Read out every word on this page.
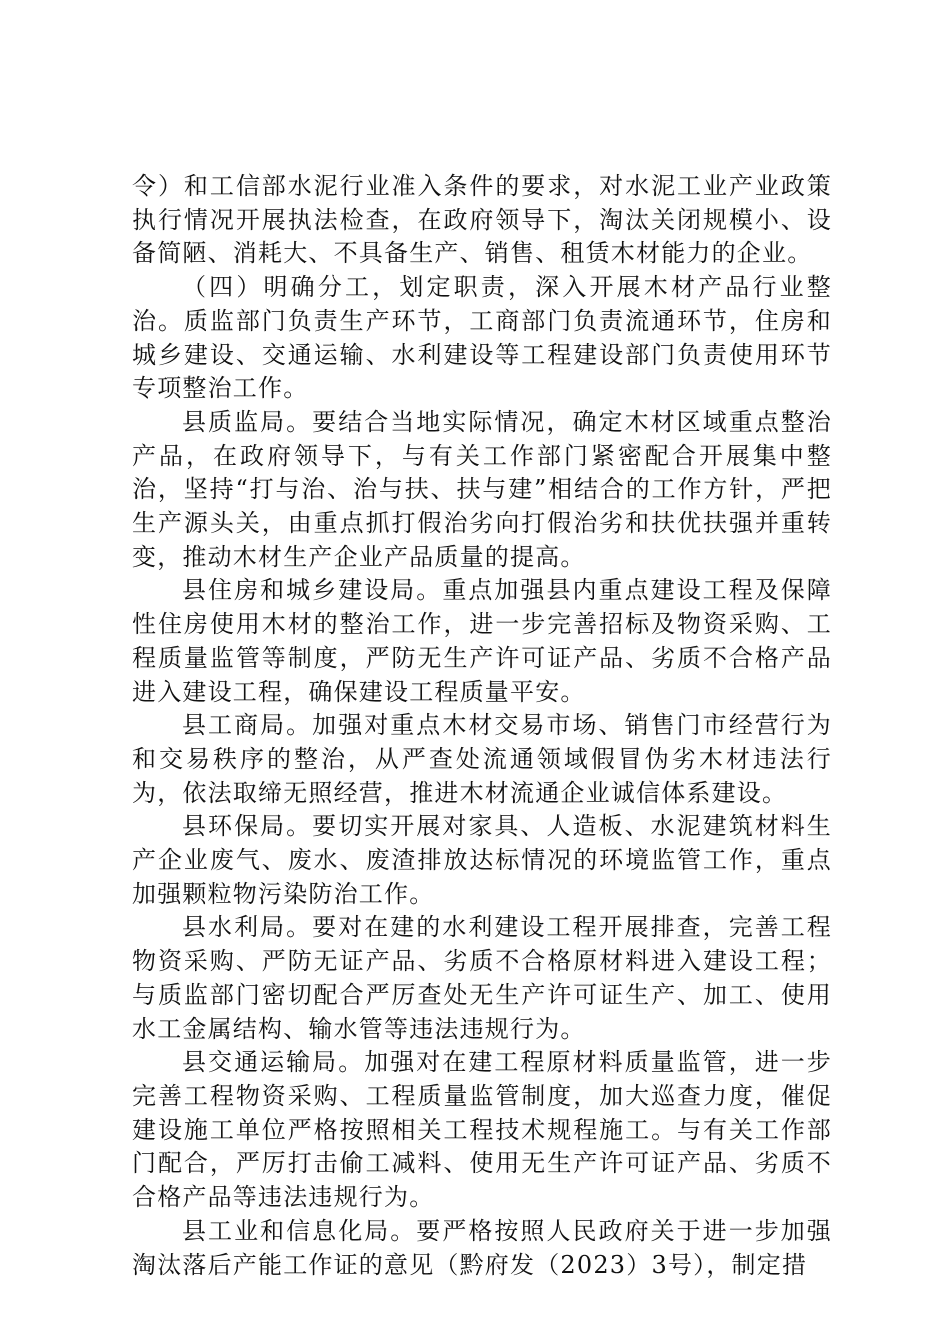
令）和工信部水泥行业准入条件的要求，对水泥工业产业政策执行情况开展执法检查，在政府领导下，淘汰关闭规模小、设备简陋、消耗大、不具备生产、销售、租赁木材能力的企业。

（四）明确分工，划定职责，深入开展木材产品行业整治。质监部门负责生产环节，工商部门负责流通环节，住房和城乡建设、交通运输、水利建设等工程建设部门负责使用环节专项整治工作。

县质监局。要结合当地实际情况，确定木材区域重点整治产品，在政府领导下，与有关工作部门紧密配合开展集中整治，坚持“打与治、治与扶、扶与建”相结合的工作方针，严把生产源头关，由重点抓打假治劣向打假治劣和扶优扶强并重转变，推动木材生产企业产品质量的提高。

县住房和城乡建设局。重点加强县内重点建设工程及保障性住房使用木材的整治工作，进一步完善招标及物资采购、工程质量监管等制度，严防无生产许可证产品、劣质不合格产品进入建设工程，确保建设工程质量平安。

县工商局。加强对重点木材交易市场、销售门市经营行为和交易秩序的整治，从严查处流通领域假冒伪劣木材违法行为，依法取缔无照经营，推进木材流通企业诚信体系建设。

县环保局。要切实开展对家具、人造板、水泥建筑材料生产企业废气、废水、废渣排放达标情况的环境监管工作，重点加强颗粒物污染防治工作。

县水利局。要对在建的水利建设工程开展排查，完善工程物资采购、严防无证产品、劣质不合格原材料进入建设工程；与质监部门密切配合严厉查处无生产许可证生产、加工、使用水工金属结构、输水管等违法违规行为。

县交通运输局。加强对在建工程原材料质量监管，进一步完善工程物资采购、工程质量监管制度，加大巡查力度，催促建设施工单位严格按照相关工程技术规程施工。与有关工作部门配合，严厉打击偷工减料、使用无生产许可证产品、劣质不合格产品等违法违规行为。

县工业和信息化局。要严格按照人民政府关于进一步加强淘汰落后产能工作证的意见（黔府发（2023）3号），制定措
